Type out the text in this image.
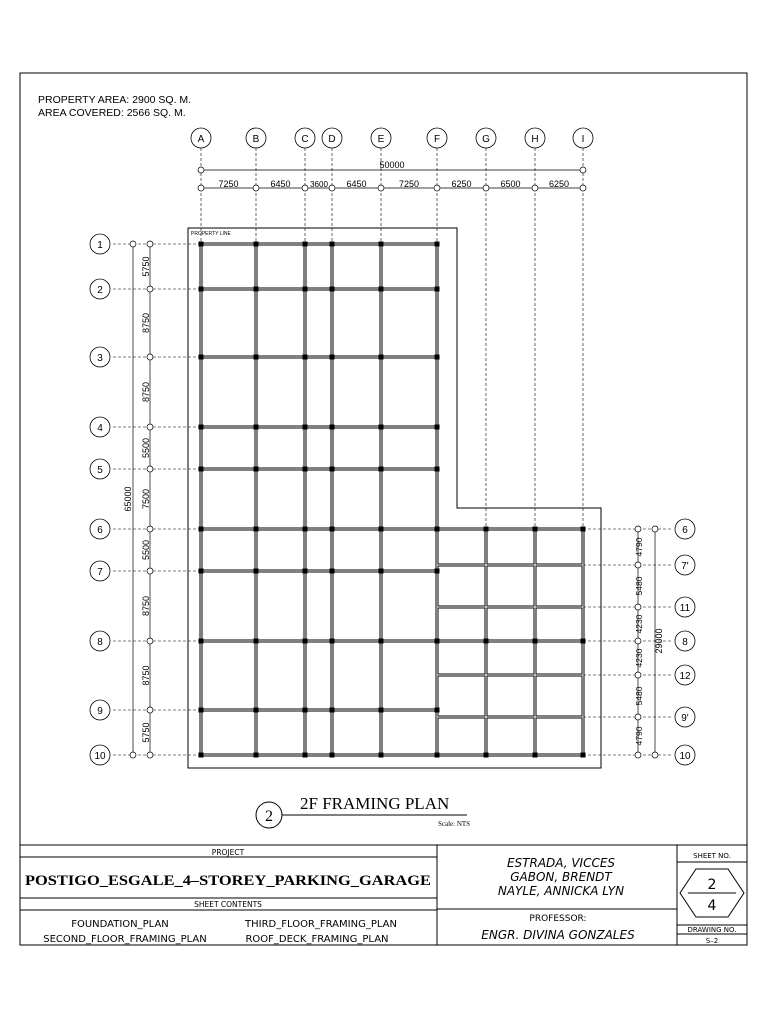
PROPERTY AREA: 2900 SQ. M.
AREA COVERED: 2566 SQ. M.
PROPERTY LINE
50000
7250	6450 3600 6450	7250	6250	6500	6250
65000
5750
8750
8750
5500
7500
5500
8750
8750
5750
29000
4790
5480
4230
4230
5480
4790
A	B	C D	E	F	G	H	I
1
2
3
4
5
6
7
8
9
10
6
7'
11
8
12
9'
10
2
2F FRAMING PLAN
Scale: NTS
PROJECT
POSTIGO_ESGALE_4–STOREY_PARKING_GARAGE
SHEET CONTENTS
FOUNDATION_PLAN
SECOND_FLOOR_FRAMING_PLAN
THIRD_FLOOR_FRAMING_PLAN
ROOF_DECK_FRAMING_PLAN
ESTRADA, VICCES
GABON, BRENDT
NAYLE, ANNICKA LYN
PROFESSOR:
ENGR. DIVINA GONZALES
SHEET NO.
2
4
DRAWING NO.
S–2
